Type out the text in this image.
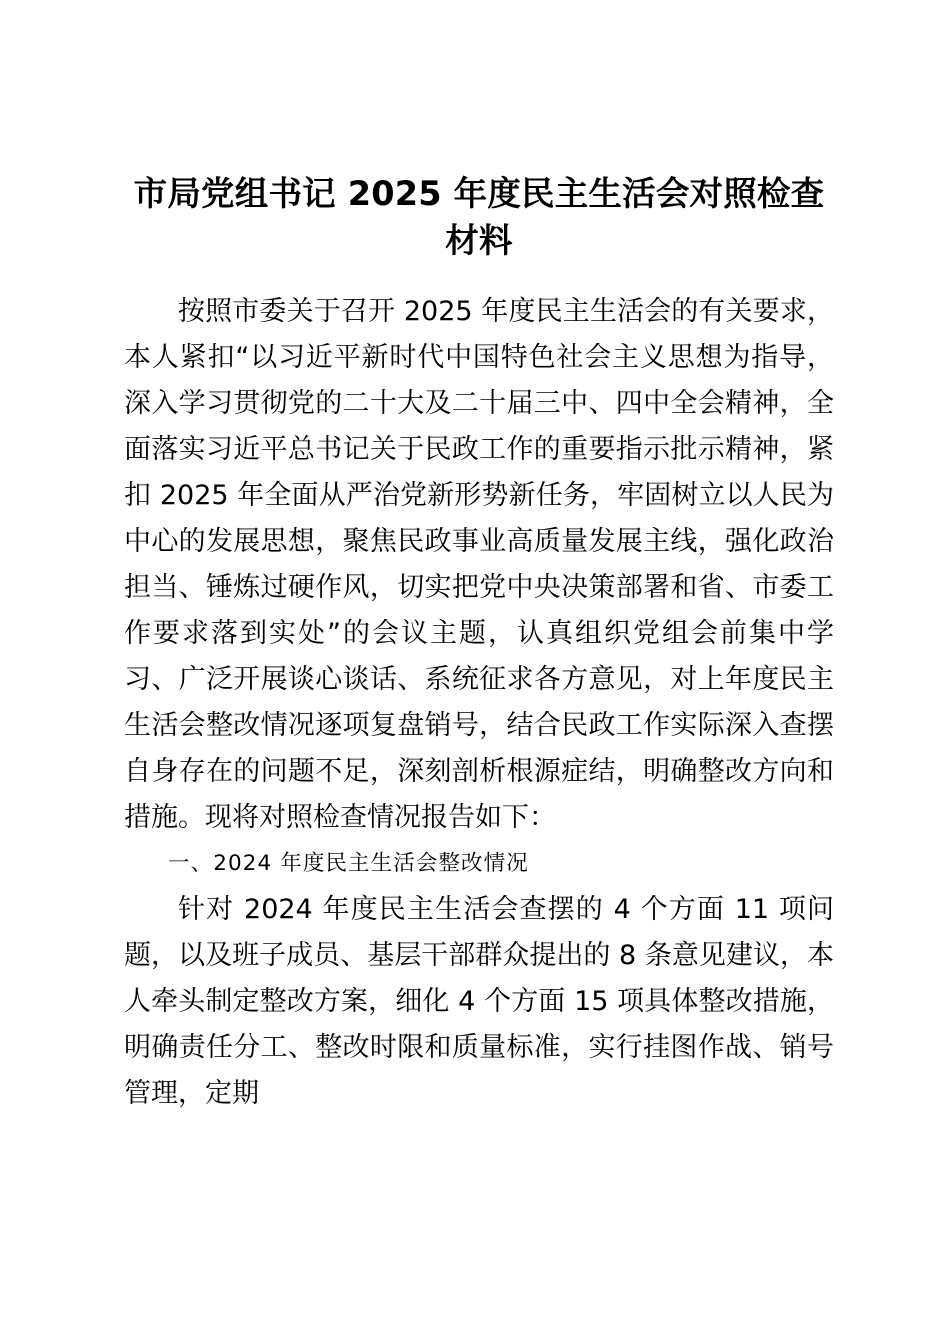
市局党组书记 2025 年度民主生活会对照检查材料

按照市委关于召开 2025 年度民主生活会的有关要求，本人紧扣“以习近平新时代中国特色社会主义思想为指导，深入学习贯彻党的二十大及二十届三中、四中全会精神，全面落实习近平总书记关于民政工作的重要指示批示精神，紧扣 2025 年全面从严治党新形势新任务，牢固树立以人民为中心的发展思想，聚焦民政事业高质量发展主线，强化政治担当、锤炼过硬作风，切实把党中央决策部署和省、市委工作要求落到实处”的会议主题，认真组织党组会前集中学习、广泛开展谈心谈话、系统征求各方意见，对上年度民主生活会整改情况逐项复盘销号，结合民政工作实际深入查摆自身存在的问题不足，深刻剖析根源症结，明确整改方向和措施。现将对照检查情况报告如下：

一、2024 年度民主生活会整改情况

针对 2024 年度民主生活会查摆的 4 个方面 11 项问题，以及班子成员、基层干部群众提出的 8 条意见建议，本人牵头制定整改方案，细化 4 个方面 15 项具体整改措施，明确责任分工、整改时限和质量标准，实行挂图作战、销号管理，定期
